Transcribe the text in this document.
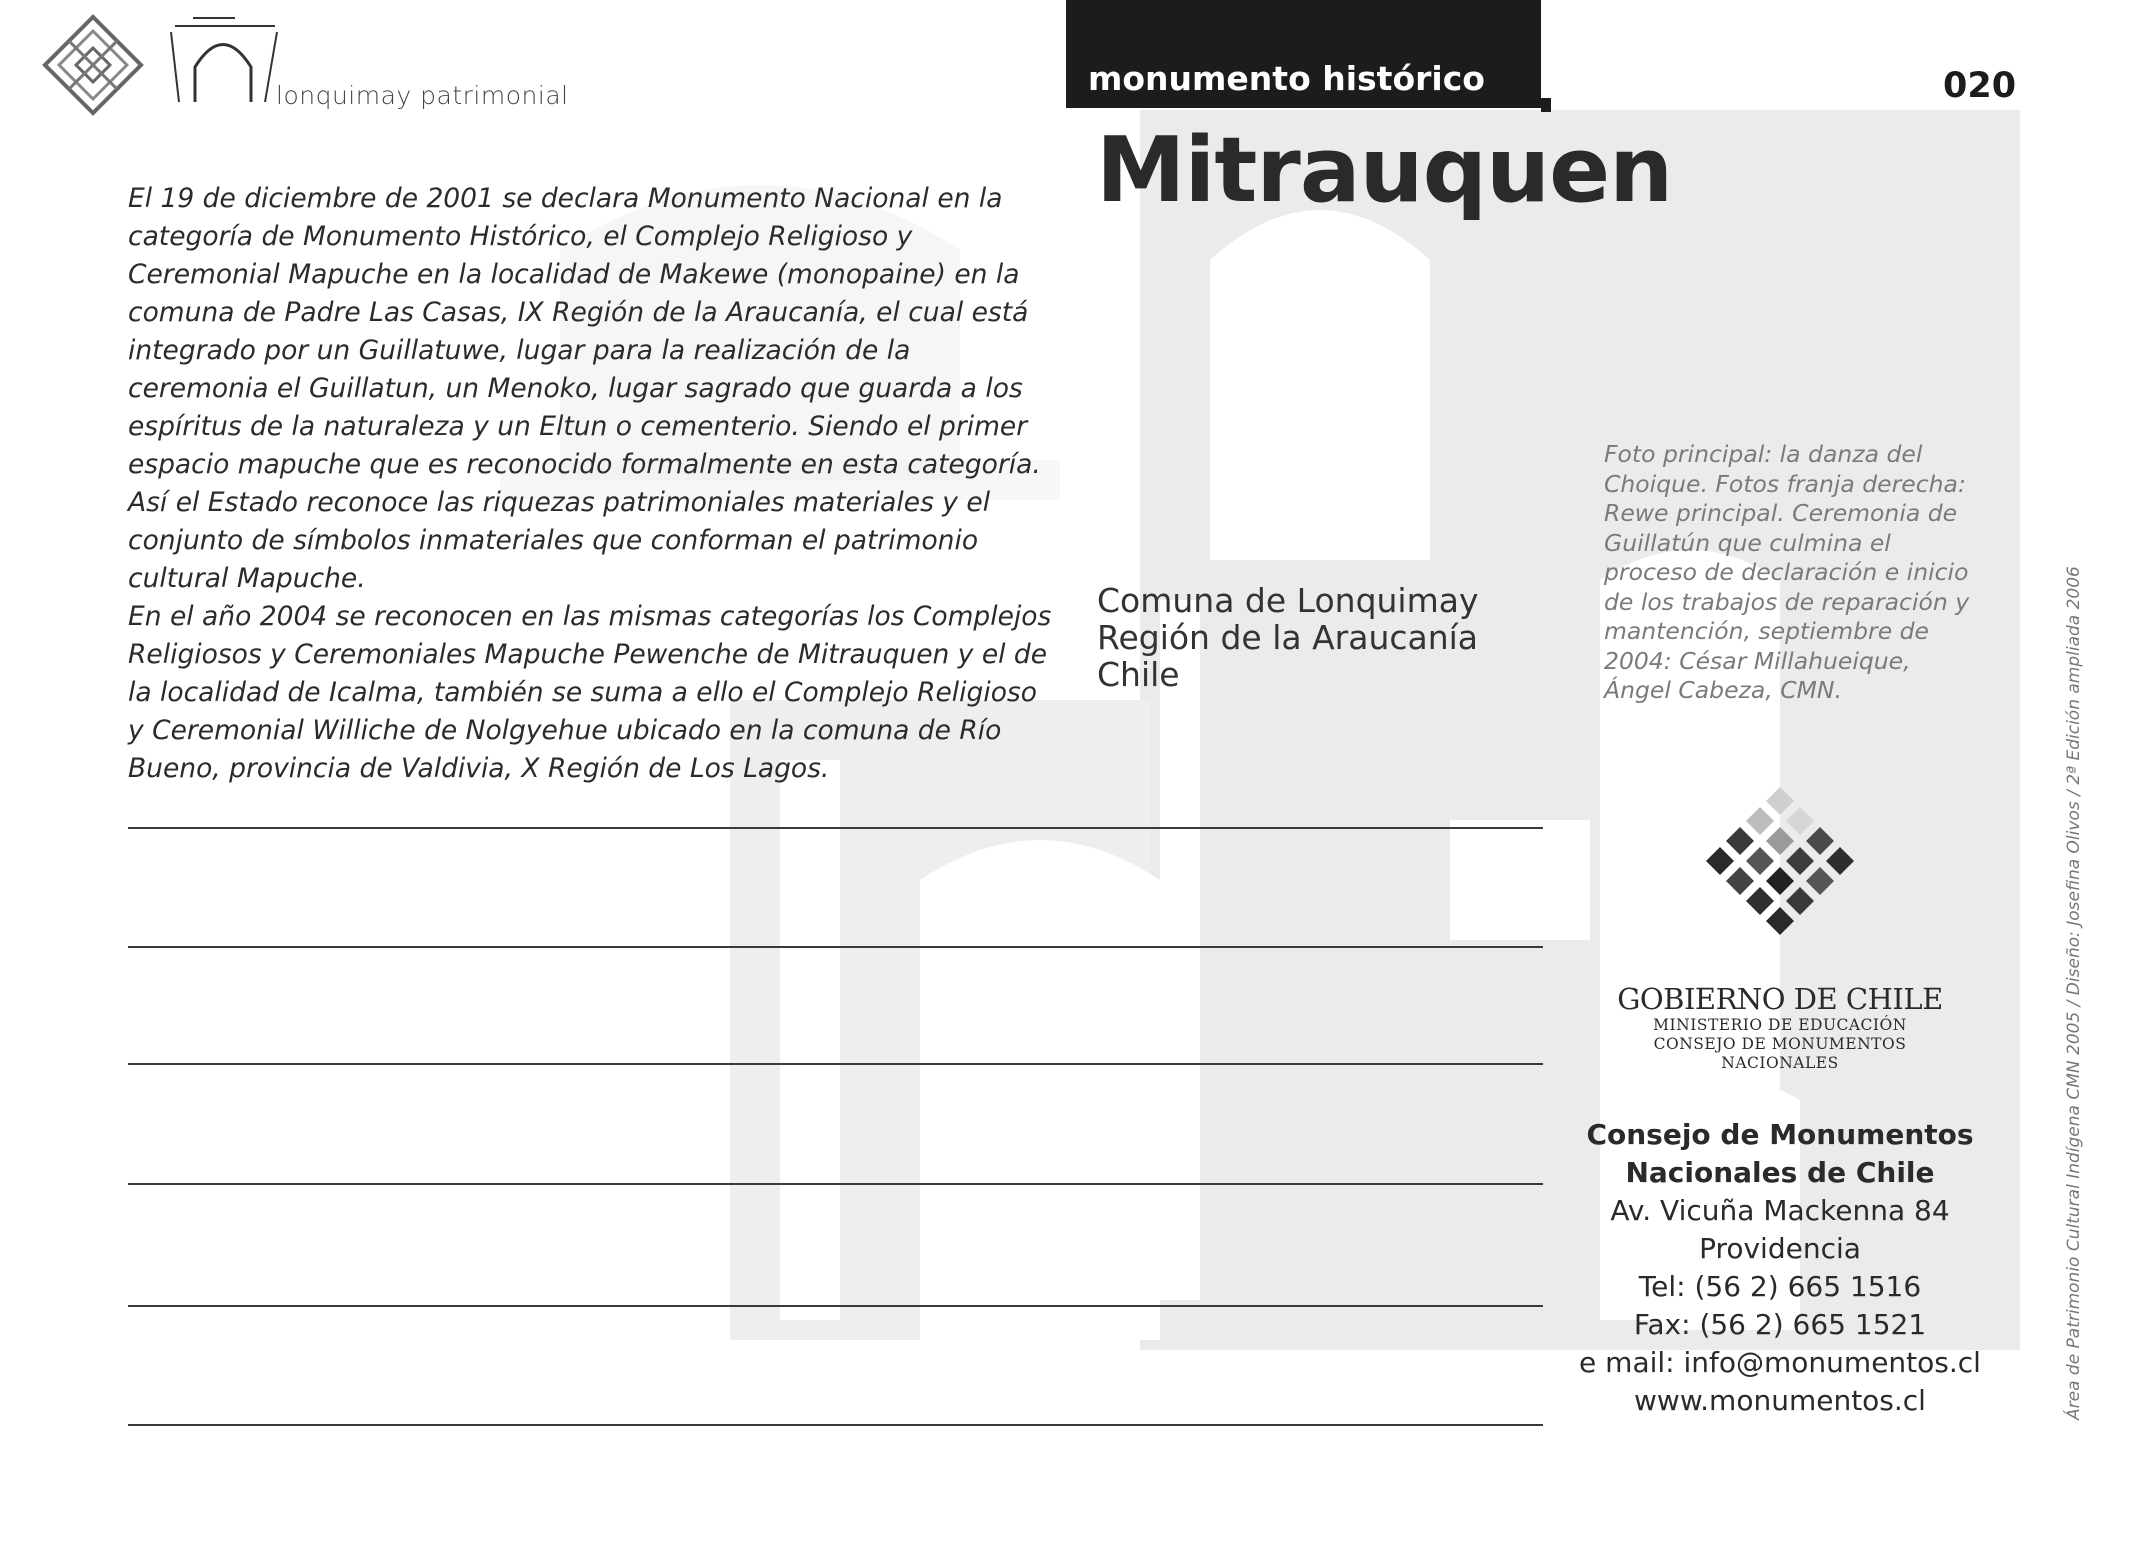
lonquimay patrimonial	monumento histórico	020
Mitrauquen

El 19 de diciembre de 2001 se declara Monumento Nacional en la categoría de Monumento Histórico, el Complejo Religioso y Ceremonial Mapuche en la localidad de Makewe (monopaine) en la comuna de Padre Las Casas, IX Región de la Araucanía, el cual está integrado por un Guillatuwe, lugar para la realización de la ceremonia el Guillatun, un Menoko, lugar sagrado que guarda a los espíritus de la naturaleza y un Eltun o cementerio. Siendo el primer espacio mapuche que es reconocido formalmente en esta categoría. Así el Estado reconoce las riquezas patrimoniales materiales y el conjunto de símbolos inmateriales que conforman el patrimonio cultural Mapuche.

En el año 2004 se reconocen en las mismas categorías los Complejos Religiosos y Ceremoniales Mapuche Pewenche de Mitrauquen y el de la localidad de Icalma, también se suma a ello el Complejo Religioso y Ceremonial Williche de Nolgyehue ubicado en la comuna de Río Bueno, provincia de Valdivia, X Región de Los Lagos.

Comuna de Lonquimay
Región de la Araucanía
Chile
Foto principal: la danza del Choique. Fotos franja derecha: Rewe principal. Ceremonia de Guillatún que culmina el proceso de declaración e inicio de los trabajos de reparación y mantención, septiembre de 2004: César Millahueique, Ángel Cabeza, CMN.
GOBIERNO DE CHILE
MINISTERIO DE EDUCACIÓN
CONSEJO DE MONUMENTOS
NACIONALES
Consejo de Monumentos
Nacionales de Chile
Av. Vicuña Mackenna 84
Providencia
Tel: (56 2) 665 1516
Fax: (56 2) 665 1521
e mail: info@monumentos.cl
www.monumentos.cl	Área de Patrimonio Cultural Indígena CMN 2005 / Diseño: Josefina Olivos / 2ª Edición ampliada 2006
